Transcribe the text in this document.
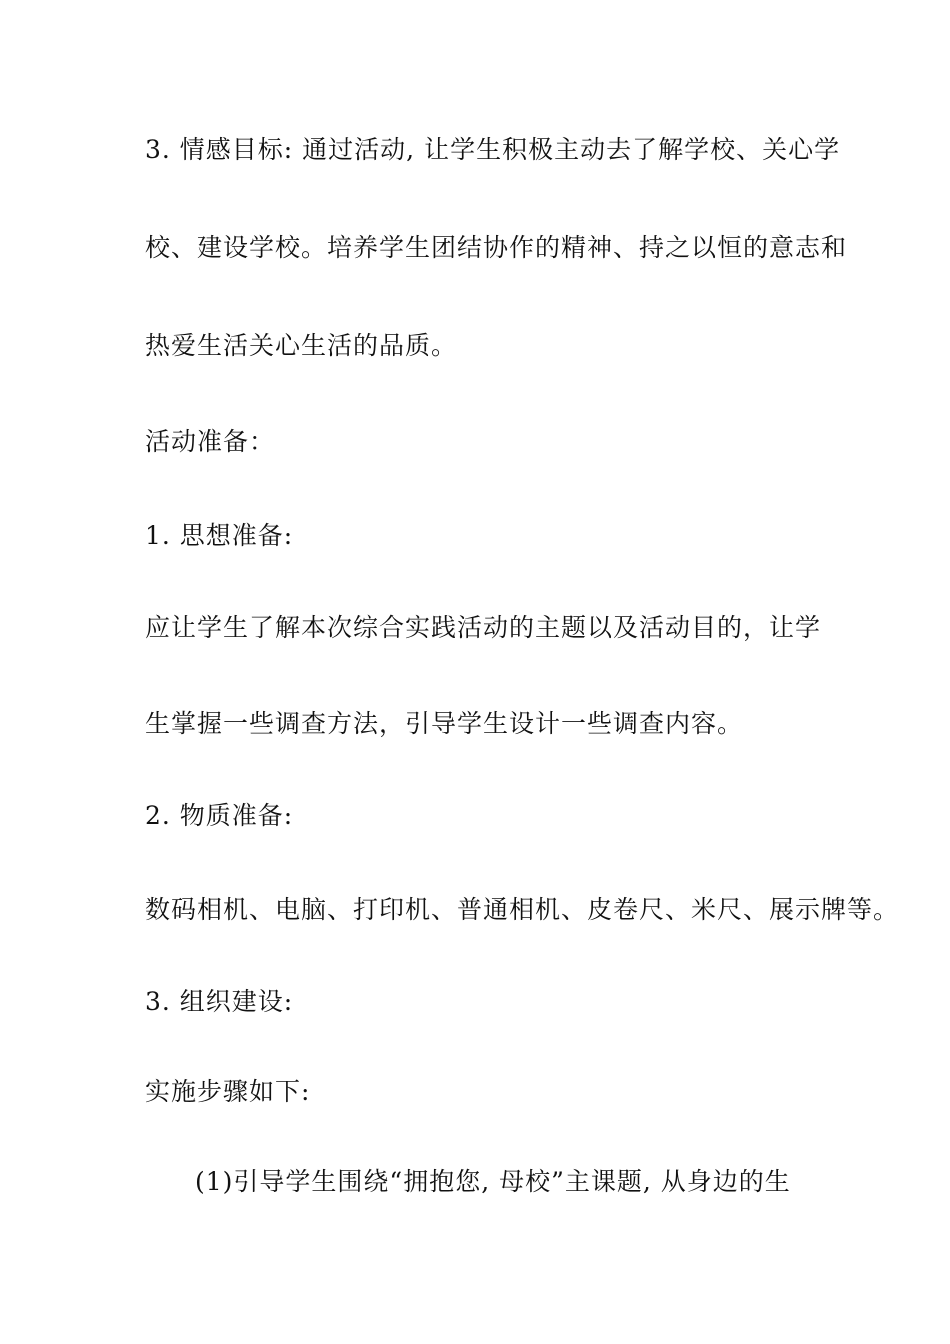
3. 情感目标: 通过活动, 让学生积极主动去了解学校、关心学
校、建设学校。培养学生团结协作的精神、持之以恒的意志和
热爱生活关心生活的品质。
活动准备：
1. 思想准备:
应让学生了解本次综合实践活动的主题以及活动目的，让学
生掌握一些调查方法，引导学生设计一些调查内容。
2. 物质准备:
数码相机、电脑、打印机、普通相机、皮卷尺、米尺、展示牌等。
3. 组织建设:
实施步骤如下:
(1)引导学生围绕“拥抱您, 母校”主课题, 从身边的生
